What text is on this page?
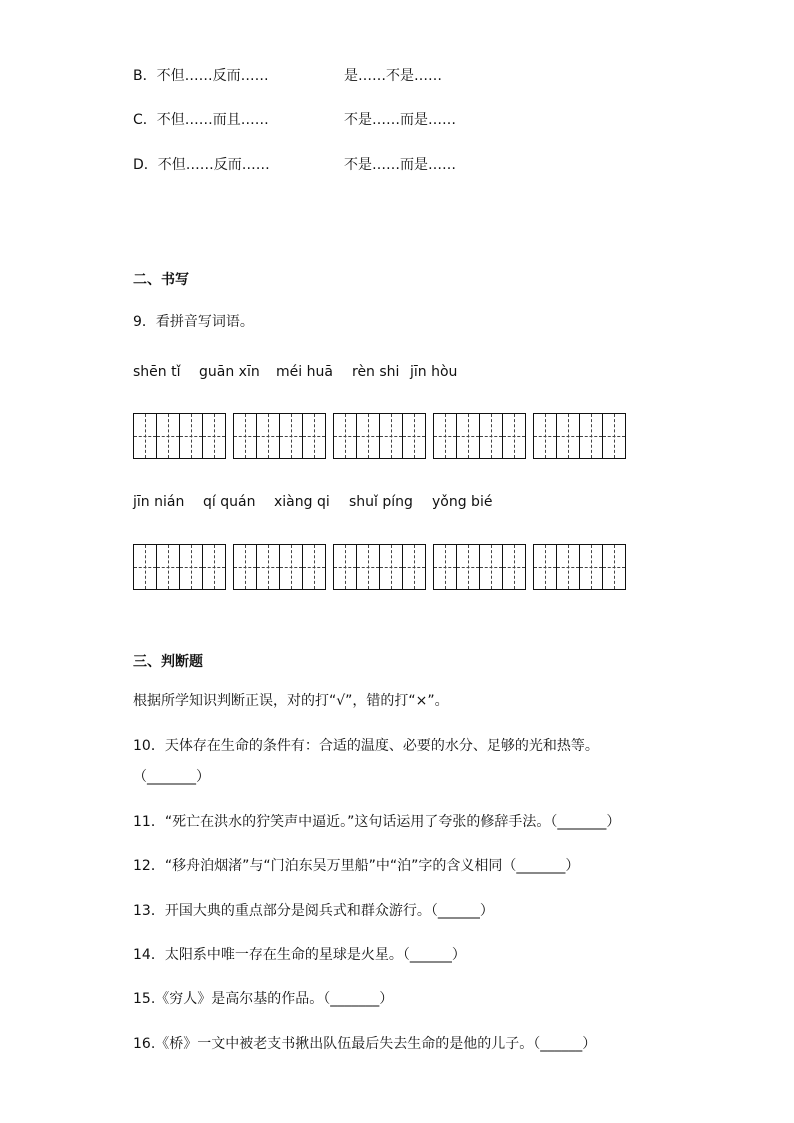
B．不但……反而……	是……不是……
C．不但……而且……	不是……而是……
D．不但……反而……	不是……而是……
二、书写
9．看拼音写词语。
shēn tǐ guān xīn méi huā rèn shi jīn hòu
jīn nián qí quán xiàng qi shuǐ píng yǒng bié
三、判断题
根据所学知识判断正误，对的打“√”，错的打“×”。
10．天体存在生命的条件有：合适的温度、必要的水分、足够的光和热等。
（_______）
11．“死亡在洪水的狞笑声中逼近。”这句话运用了夸张的修辞手法。（_______）
12．“移舟泊烟渚”与“门泊东吴万里船”中“泊”字的含义相同（_______）
13．开国大典的重点部分是阅兵式和群众游行。（______）
14．太阳系中唯一存在生命的星球是火星。（______）
15.《穷人》是高尔基的作品。（_______）
16.《桥》一文中被老支书揪出队伍最后失去生命的是他的儿子。（______）
